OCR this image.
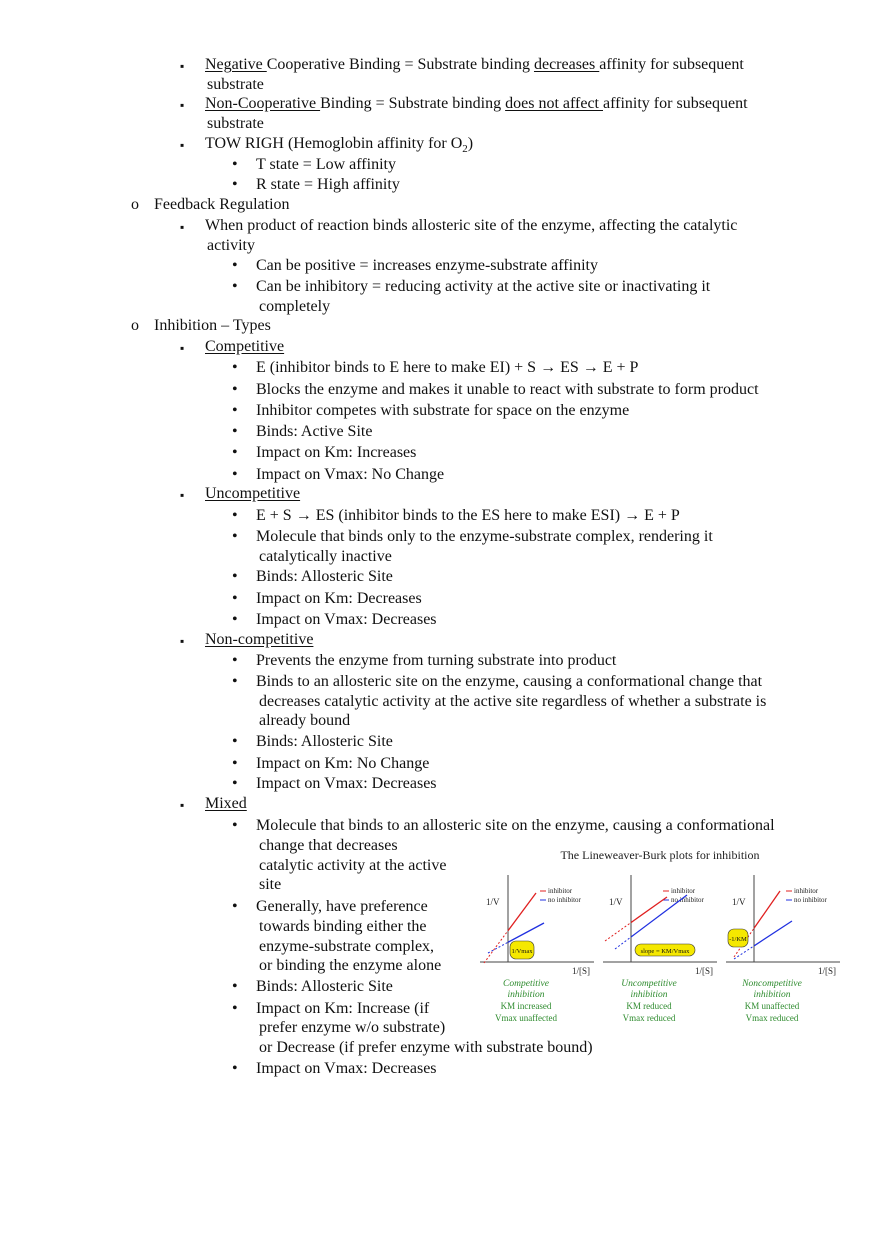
▪ Negative Cooperative Binding = Substrate binding decreases affinity for subsequent
substrate
▪ Non-Cooperative Binding = Substrate binding does not affect affinity for subsequent
substrate
▪ TOW RIGH (Hemoglobin affinity for $O_2$)
• T state = Low affinity
• R state = High affinity
o Feedback Regulation
▪ When product of reaction binds allosteric site of the enzyme, affecting the catalytic
activity
• Can be positive = increases enzyme-substrate affinity
• Can be inhibitory = reducing activity at the active site or inactivating it
completely
o Inhibition – Types
▪ Competitive
• E (inhibitor binds to E here to make EI) + S → ES → E + P
• Blocks the enzyme and makes it unable to react with substrate to form product
• Inhibitor competes with substrate for space on the enzyme
• Binds: Active Site
• Impact on Km: Increases
• Impact on Vmax: No Change
▪ Uncompetitive
• E + S → ES (inhibitor binds to the ES here to make ESI) → E + P
• Molecule that binds only to the enzyme-substrate complex, rendering it
catalytically inactive
• Binds: Allosteric Site
• Impact on Km: Decreases
• Impact on Vmax: Decreases
▪ Non-competitive
• Prevents the enzyme from turning substrate into product
• Binds to an allosteric site on the enzyme, causing a conformational change that
decreases catalytic activity at the active site regardless of whether a substrate is
already bound
• Binds: Allosteric Site
• Impact on Km: No Change
• Impact on Vmax: Decreases
▪ Mixed
• Molecule that binds to an allosteric site on the enzyme, causing a conformational
change that decreases
catalytic activity at the active
site
• Generally, have preference
towards binding either the
enzyme-substrate complex,
or binding the enzyme alone
• Binds: Allosteric Site
• Impact on Km: Increase (if
prefer enzyme w/o substrate)
or Decrease (if prefer enzyme with substrate bound)
• Impact on Vmax: Decreases
The Lineweaver-Burk plots for inhibition
1/V
1/[S]
inhibitor
no inhibitor
1/Vmax
Competitive
inhibition
KM increased
Vmax unaffected
1/V
1/[S]
inhibitor
no inhibitor
slope = KM/Vmax
Uncompetitive
inhibition
KM reduced
Vmax reduced
1/V
1/[S]
inhibitor
no inhibitor
-1/KM
Noncompetitive
inhibition
KM unaffected
Vmax reduced
